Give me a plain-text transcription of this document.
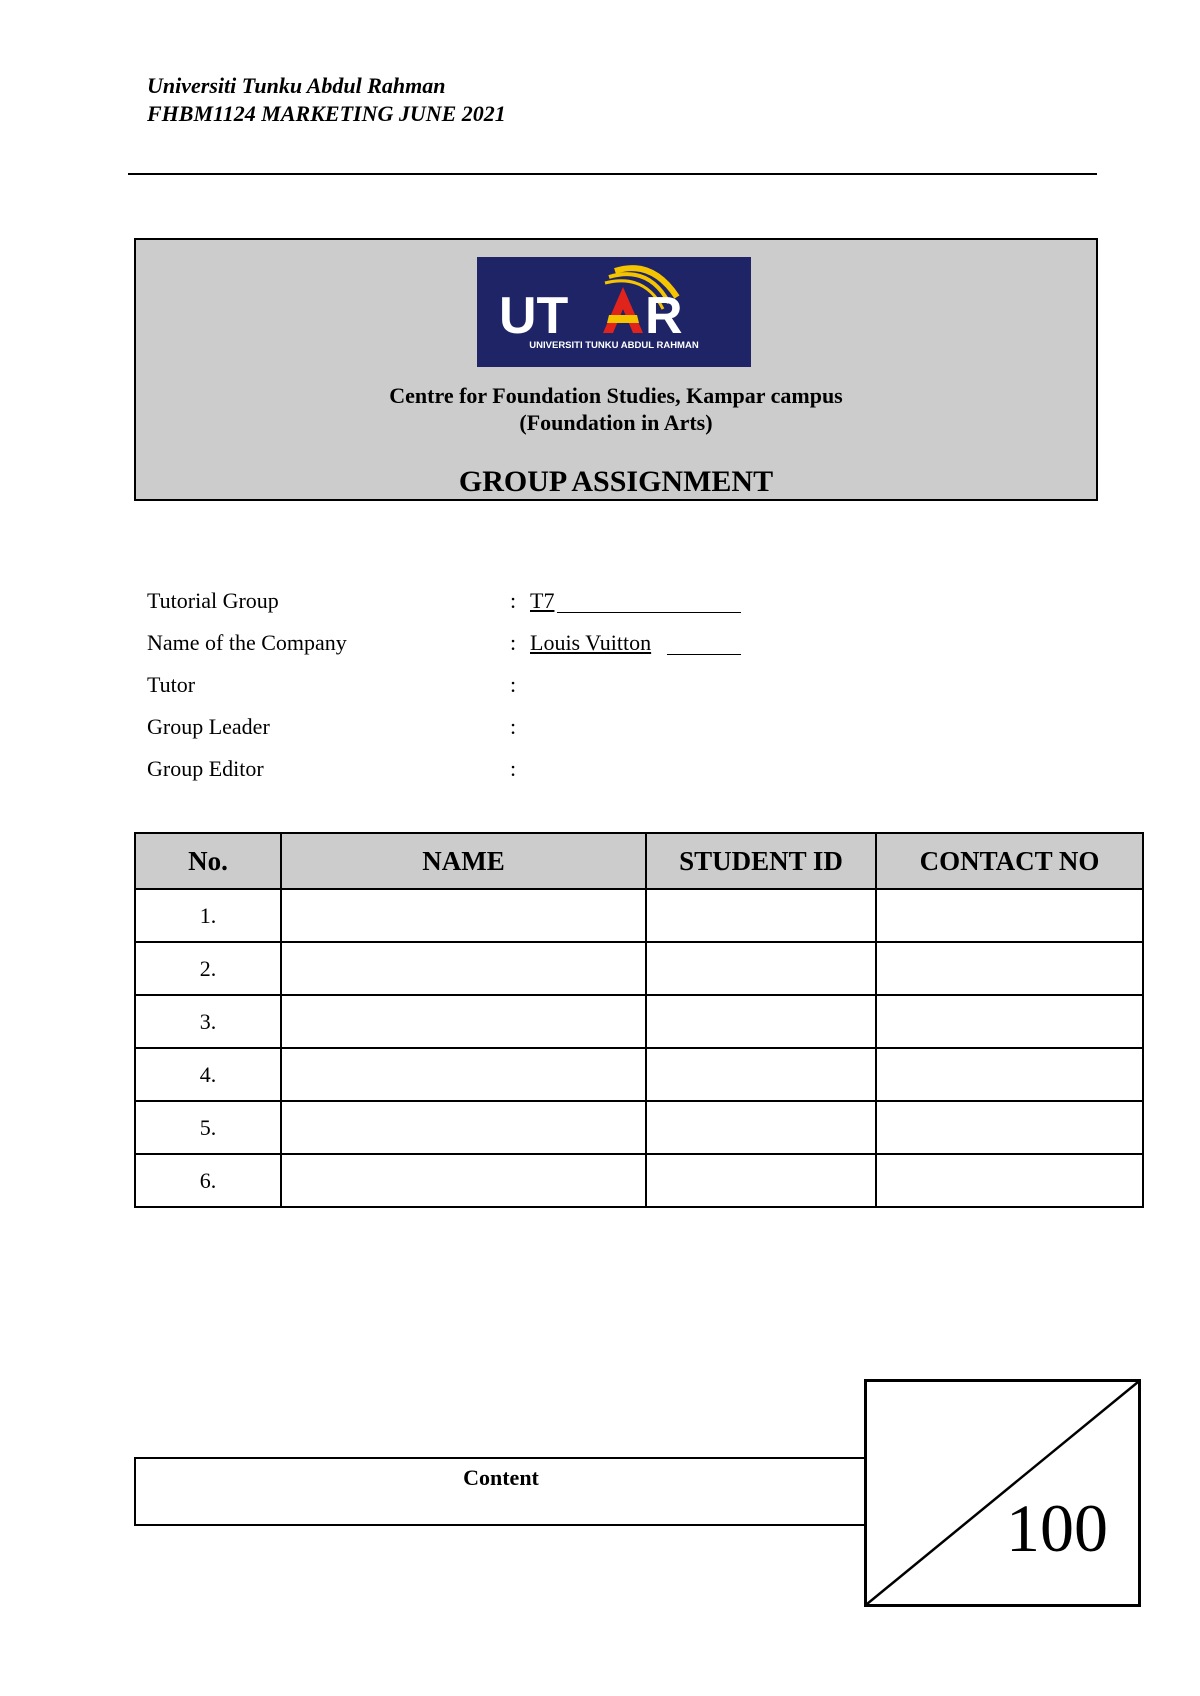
Universiti Tunku Abdul Rahman
FHBM1124 MARKETING JUNE 2021
UT R
UNIVERSITI TUNKU ABDUL RAHMAN
Centre for Foundation Studies, Kampar campus
(Foundation in Arts)
GROUP ASSIGNMENT
Tutorial Group	: T7
Name of the Company	: Louis Vuitton
Tutor	:
Group Leader	:
Group Editor	:
No.	NAME	STUDENT ID	CONTACT NO
1.			
2.			
3.			
4.			
5.			
6.			
Content
100
